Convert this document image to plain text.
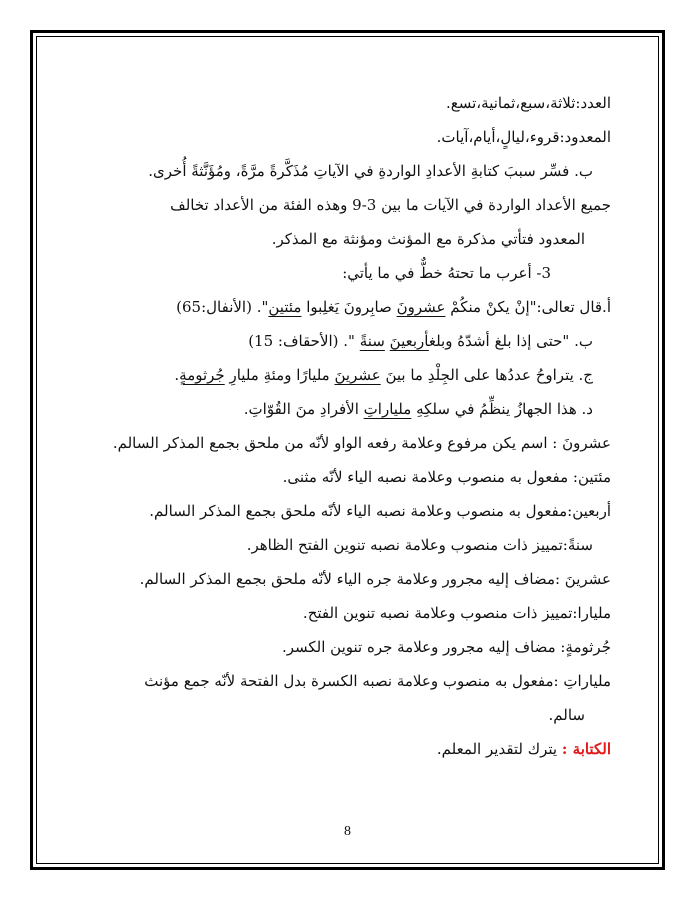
العدد:ثلاثة،سبع،ثمانية،تسع.
المعدود:قروء،ليالٍ،أيام،آيات.
ب. فسِّر سببَ كتابةِ الأعدادِ الواردةِ في الآياتِ مُذَكَّرةً مرَّةً، ومُؤَنَّثةً أُخرى.
جميع الأعداد الواردة في الآيات ما بين 3-9 وهذه الفئة من الأعداد تخالف
المعدود فتأتي مذكرة مع المؤنث ومؤنثة مع المذكر.
3- أعرب ما تحتهُ خطٌّ في ما يأتي:
أ.قال تعالى:"إنْ يكنْ منكُمْ عشرونَ صابِرونَ يَغلِبوا مئتين". (الأنفال:65)
ب. "حتى إذا بلغ أشدّهُ وبلغأربعينَ سنةً ". (الأحقاف: 15)
ج. يتراوحُ عددُها على الجِلْدِ ما بينَ عشرينَ مليارًا ومئةِ مليارِ جُرثومةٍ.
د. هذا الجهازُ ينظِّمُ في سلكِهِ ملياراتِ الأفرادِ منَ القُوّاتِ.
عشرونَ : اسم يكن مرفوع وعلامة رفعه الواو لأنّه من ملحق بجمع المذكر السالم.
مئتين: مفعول به منصوب وعلامة نصبه الياء لأنّه مثنى.
أربعين:مفعول به منصوب وعلامة نصبه الياء لأنّه ملحق بجمع المذكر السالم.
سنةً:تمييز ذات منصوب وعلامة نصبه تنوين الفتح الظاهر.
عشرينَ :مضاف إليه مجرور وعلامة جره الياء لأنّه ملحق بجمع المذكر السالم.
مليارا:تمييز ذات منصوب وعلامة نصبه تنوين الفتح.
جُرثومةٍ: مضاف إليه مجرور وعلامة جره تنوين الكسر.
ملياراتِ :مفعول به منصوب وعلامة نصبه الكسرة بدل الفتحة لأنّه جمع مؤنث
سالم.
الكتابة : يترك لتقدير المعلم.
8
